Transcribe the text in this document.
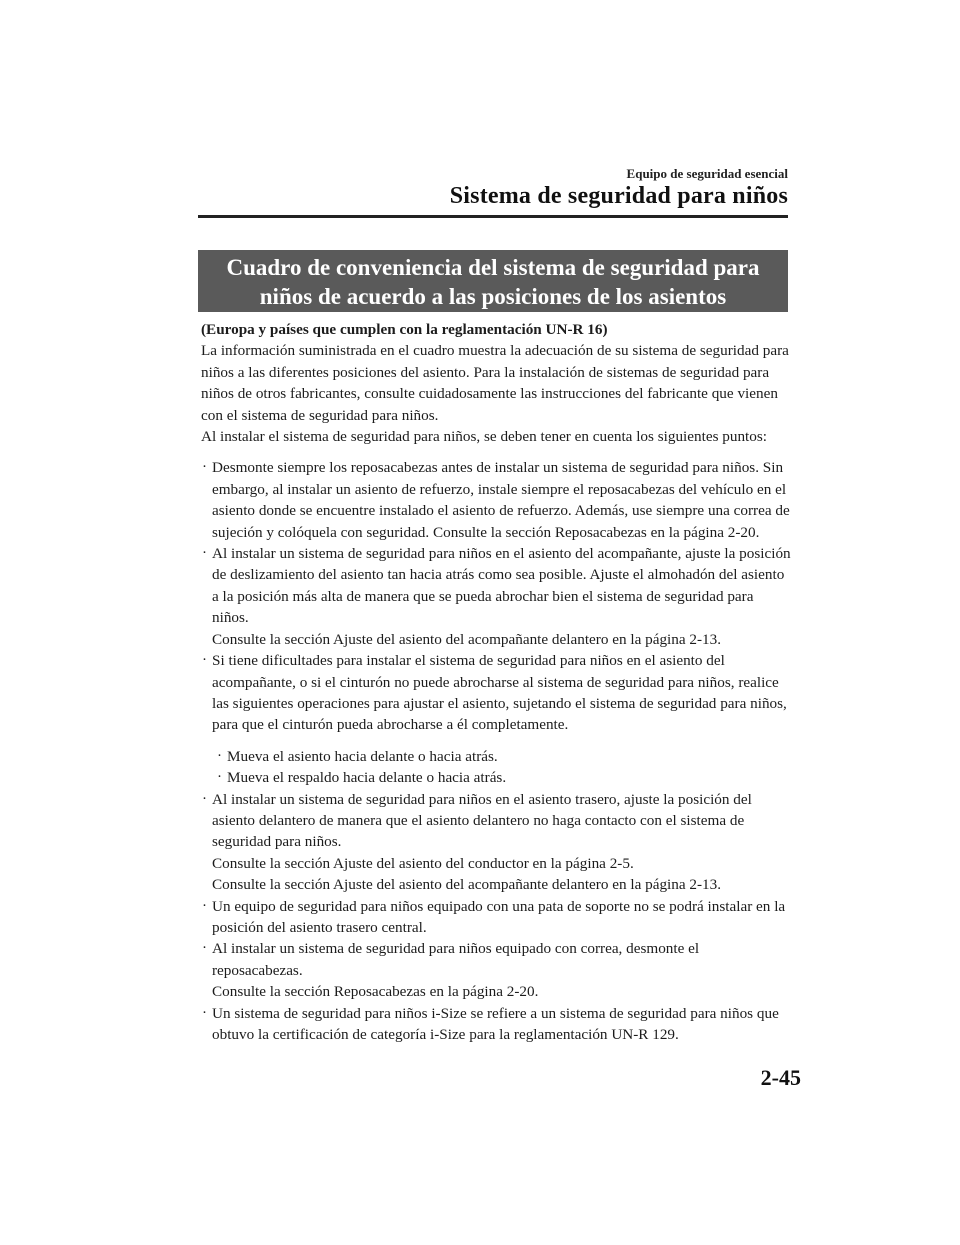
Equipo de seguridad esencial
Sistema de seguridad para niños
Cuadro de conveniencia del sistema de seguridad para
niños de acuerdo a las posiciones de los asientos

(Europa y países que cumplen con la reglamentación UN-R 16)

La información suministrada en el cuadro muestra la adecuación de su sistema de seguridad para niños a las diferentes posiciones del asiento. Para la instalación de sistemas de seguridad para niños de otros fabricantes, consulte cuidadosamente las instrucciones del fabricante que vienen con el sistema de seguridad para niños.

Al instalar el sistema de seguridad para niños, se deben tener en cuenta los siguientes puntos:

· Desmonte siempre los reposacabezas antes de instalar un sistema de seguridad para niños. Sin embargo, al instalar un asiento de refuerzo, instale siempre el reposacabezas del vehículo en el asiento donde se encuentre instalado el asiento de refuerzo. Además, use siempre una correa de sujeción y colóquela con seguridad. Consulte la sección Reposacabezas en la página 2-20.
· Al instalar un sistema de seguridad para niños en el asiento del acompañante, ajuste la posición de deslizamiento del asiento tan hacia atrás como sea posible. Ajuste el almohadón del asiento a la posición más alta de manera que se pueda abrochar bien el sistema de seguridad para niños.
Consulte la sección Ajuste del asiento del acompañante delantero en la página 2-13.
· Si tiene dificultades para instalar el sistema de seguridad para niños en el asiento del acompañante, o si el cinturón no puede abrocharse al sistema de seguridad para niños, realice las siguientes operaciones para ajustar el asiento, sujetando el sistema de seguridad para niños, para que el cinturón pueda abrocharse a él completamente.
· Mueva el asiento hacia delante o hacia atrás.
· Mueva el respaldo hacia delante o hacia atrás.
· Al instalar un sistema de seguridad para niños en el asiento trasero, ajuste la posición del asiento delantero de manera que el asiento delantero no haga contacto con el sistema de seguridad para niños.
Consulte la sección Ajuste del asiento del conductor en la página 2-5.
Consulte la sección Ajuste del asiento del acompañante delantero en la página 2-13.
· Un equipo de seguridad para niños equipado con una pata de soporte no se podrá instalar en la posición del asiento trasero central.
· Al instalar un sistema de seguridad para niños equipado con correa, desmonte el reposacabezas.
Consulte la sección Reposacabezas en la página 2-20.
· Un sistema de seguridad para niños i-Size se refiere a un sistema de seguridad para niños que obtuvo la certificación de categoría i-Size para la reglamentación UN-R 129.
2-45
